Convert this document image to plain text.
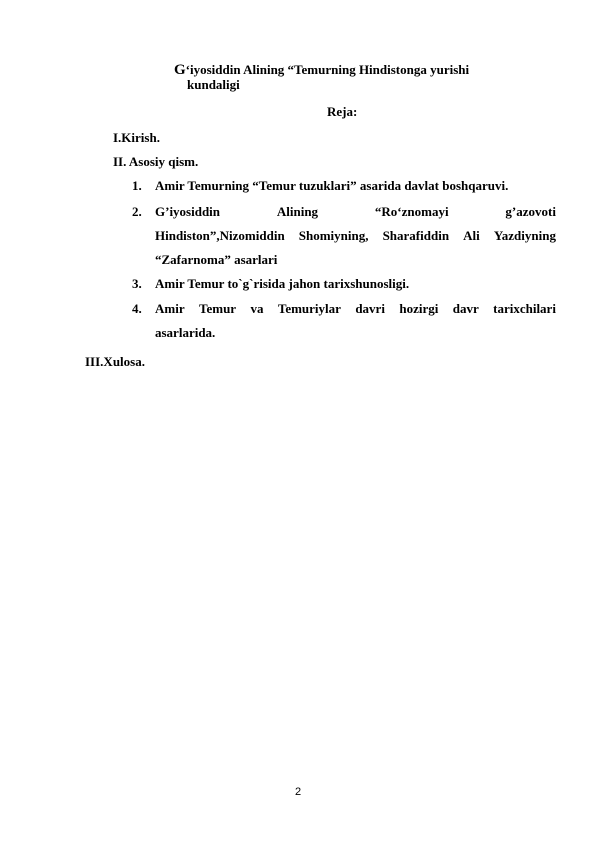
G‘iyosiddin Alining “Temurning Hindistonga yurishi
kundaligi
Reja:
I.Kirish.
II. Asosiy qism.
1. Amir Temurning “Temur tuzuklari” asarida davlat boshqaruvi.
2. G’iyosiddin	Alining	“Ro‘znomayi	g’azovoti
Hindiston”,Nizomiddin Shomiyning, Sharafiddin Ali Yazdiyning
“Zafarnoma” asarlari
3. Amir Temur to`g`risida jahon tarixshunosligi.
4. Amir Temur va Temuriylar davri hozirgi davr tarixchilari
asarlarida.
III.Xulosa.
2
